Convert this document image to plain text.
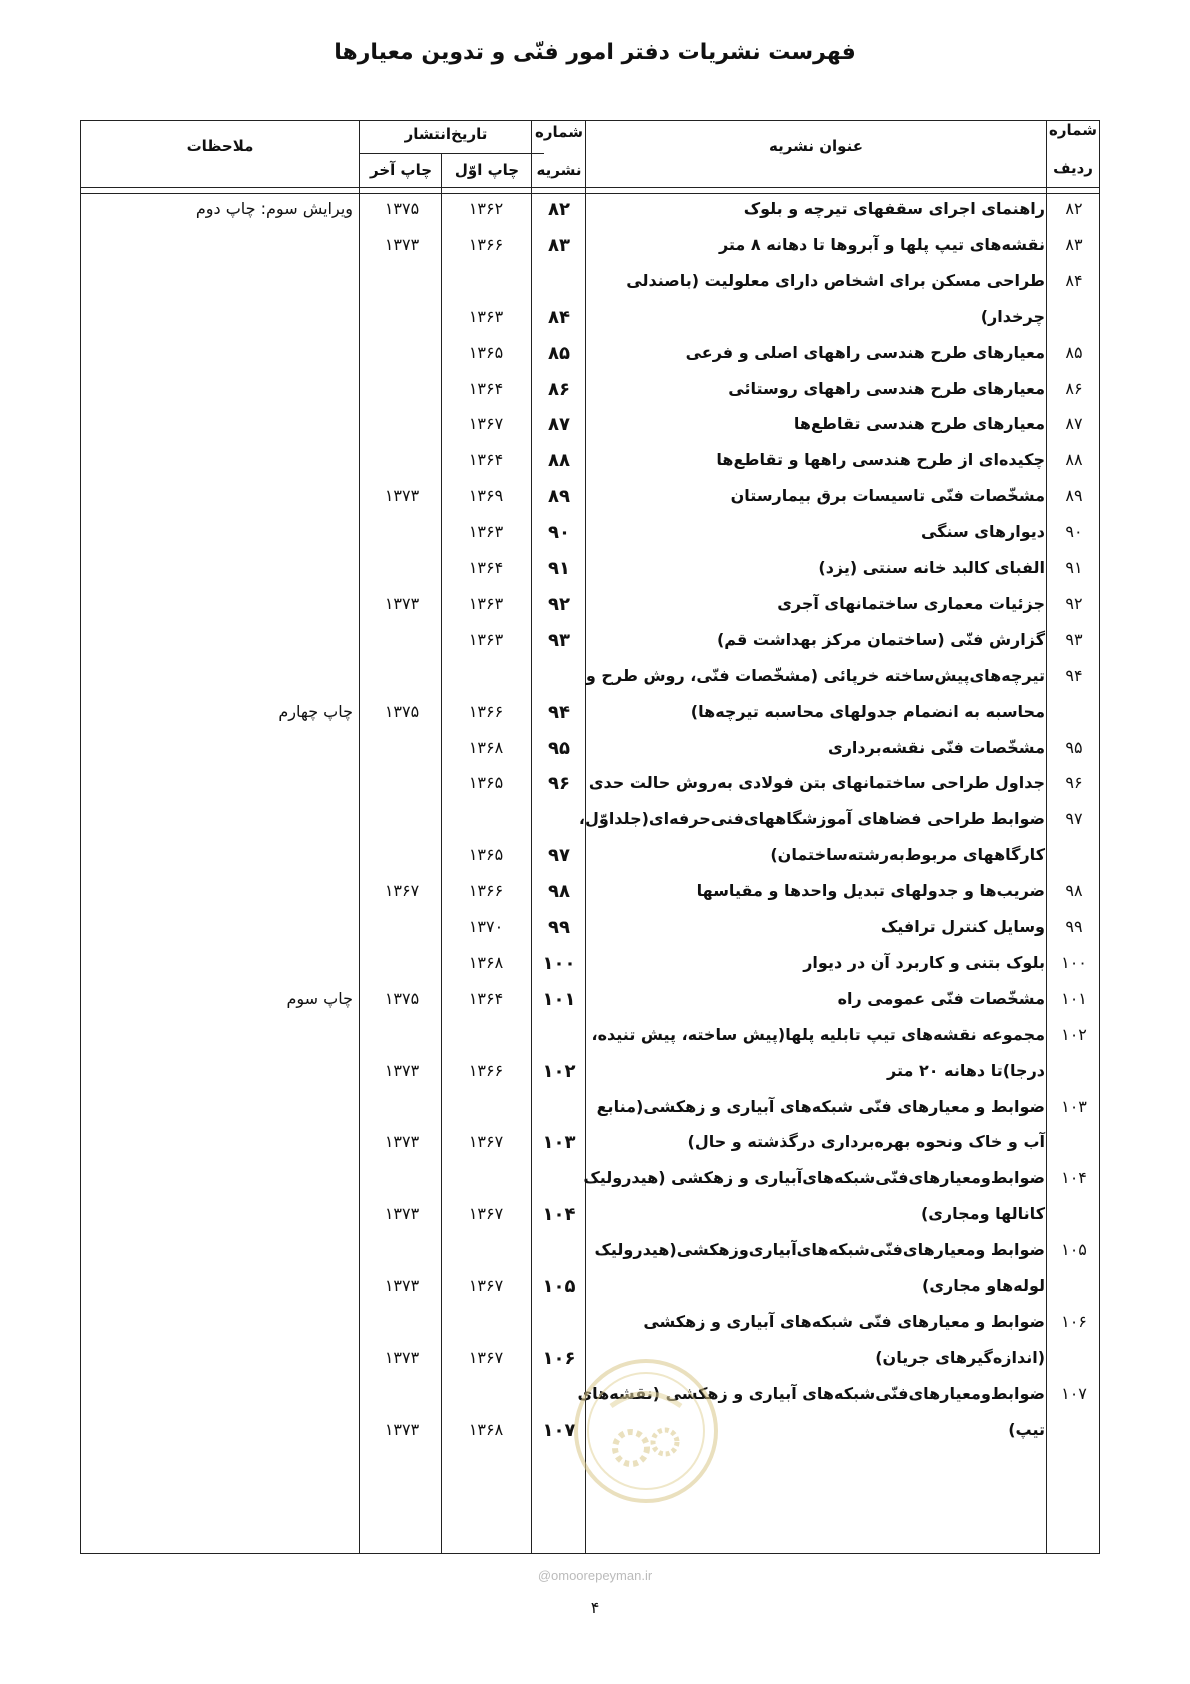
فهرست نشریات دفتر امور فنّی و تدوین معیارها
شماره
ردیف
عنوان نشریه
شماره
نشریه
تاریخ‌انتشار
چاپ اوّل
چاپ آخر
ملاحظات
۸۲
راهنمای اجرای سقفهای تیرچه و بلوک
۸۲
۱۳۶۲
۱۳۷۵
ویرایش سوم: چاپ دوم
۸۳
نقشه‌های تیپ پلها و آبروها تا دهانه ۸ متر
۸۳
۱۳۶۶
۱۳۷۳
۸۴
طراحی مسکن برای اشخاص دارای معلولیت (باصندلی
چرخدار)
۸۴
۱۳۶۳
۸۵
معیارهای طرح هندسی راههای اصلی و فرعی
۸۵
۱۳۶۵
۸۶
معیارهای طرح هندسی راههای روستائی
۸۶
۱۳۶۴
۸۷
معیارهای طرح هندسی تقاطع‌ها
۸۷
۱۳۶۷
۸۸
چکیده‌ای از طرح هندسی راهها و تقاطع‌ها
۸۸
۱۳۶۴
۸۹
مشخّصات فنّی تاسیسات برق بیمارستان
۸۹
۱۳۶۹
۱۳۷۳
۹۰
دیوارهای سنگی
۹۰
۱۳۶۳
۹۱
الفبای کالبد خانه سنتی (یزد)
۹۱
۱۳۶۴
۹۲
جزئیات معماری ساختمانهای آجری
۹۲
۱۳۶۳
۱۳۷۳
۹۳
گزارش فنّی (ساختمان مرکز بهداشت قم)
۹۳
۱۳۶۳
۹۴
تیرچه‌های‌پیش‌ساخته خرپائی (مشخّصات فنّی، روش طرح و
محاسبه به انضمام جدولهای محاسبه تیرچه‌ها)
۹۴
۱۳۶۶
۱۳۷۵
چاپ چهارم
۹۵
مشخّصات فنّی نقشه‌برداری
۹۵
۱۳۶۸
۹۶
جداول طراحی ساختمانهای بتن فولادی به‌روش حالت حدی
۹۶
۱۳۶۵
۹۷
ضوابط طراحی فضاهای آموزشگاههای‌فنی‌حرفه‌ای(جلداوّل،
کارگاههای مربوط‌به‌رشته‌ساختمان)
۹۷
۱۳۶۵
۹۸
ضریب‌ها و جدولهای تبدیل واحدها و مقیاسها
۹۸
۱۳۶۶
۱۳۶۷
۹۹
وسایل کنترل ترافیک
۹۹
۱۳۷۰
۱۰۰
بلوک بتنی و کاربرد آن در دیوار
۱۰۰
۱۳۶۸
۱۰۱
مشخّصات فنّی عمومی راه
۱۰۱
۱۳۶۴
۱۳۷۵
چاپ سوم
۱۰۲
مجموعه نقشه‌های تیپ تابلیه پلها(پیش ساخته، پیش تنیده،
درجا)تا دهانه ۲۰ متر
۱۰۲
۱۳۶۶
۱۳۷۳
۱۰۳
ضوابط و معیارهای فنّی شبکه‌های آبیاری و زهکشی(منابع
آب و خاک ونحوه بهره‌برداری درگذشته و حال)
۱۰۳
۱۳۶۷
۱۳۷۳
۱۰۴
ضوابط‌ومعیارهای‌فنّی‌شبکه‌های‌آبیاری و زهکشی (هیدرولیک
کانالها ومجاری)
۱۰۴
۱۳۶۷
۱۳۷۳
۱۰۵
ضوابط ومعیارهای‌فنّی‌شبکه‌های‌آبیاری‌وزهکشی(هیدرولیک
لوله‌هاو مجاری)
۱۰۵
۱۳۶۷
۱۳۷۳
۱۰۶
ضوابط و معیارهای فنّی شبکه‌های آبیاری و زهکشی
(اندازه‌گیرهای جریان)
۱۰۶
۱۳۶۷
۱۳۷۳
۱۰۷
ضوابط‌ومعیارهای‌فنّی‌شبکه‌های آبیاری و زهکشی (نقشه‌های
تیپ)
۱۰۷
۱۳۶۸
۱۳۷۳
@omoorepeyman.ir
۴
